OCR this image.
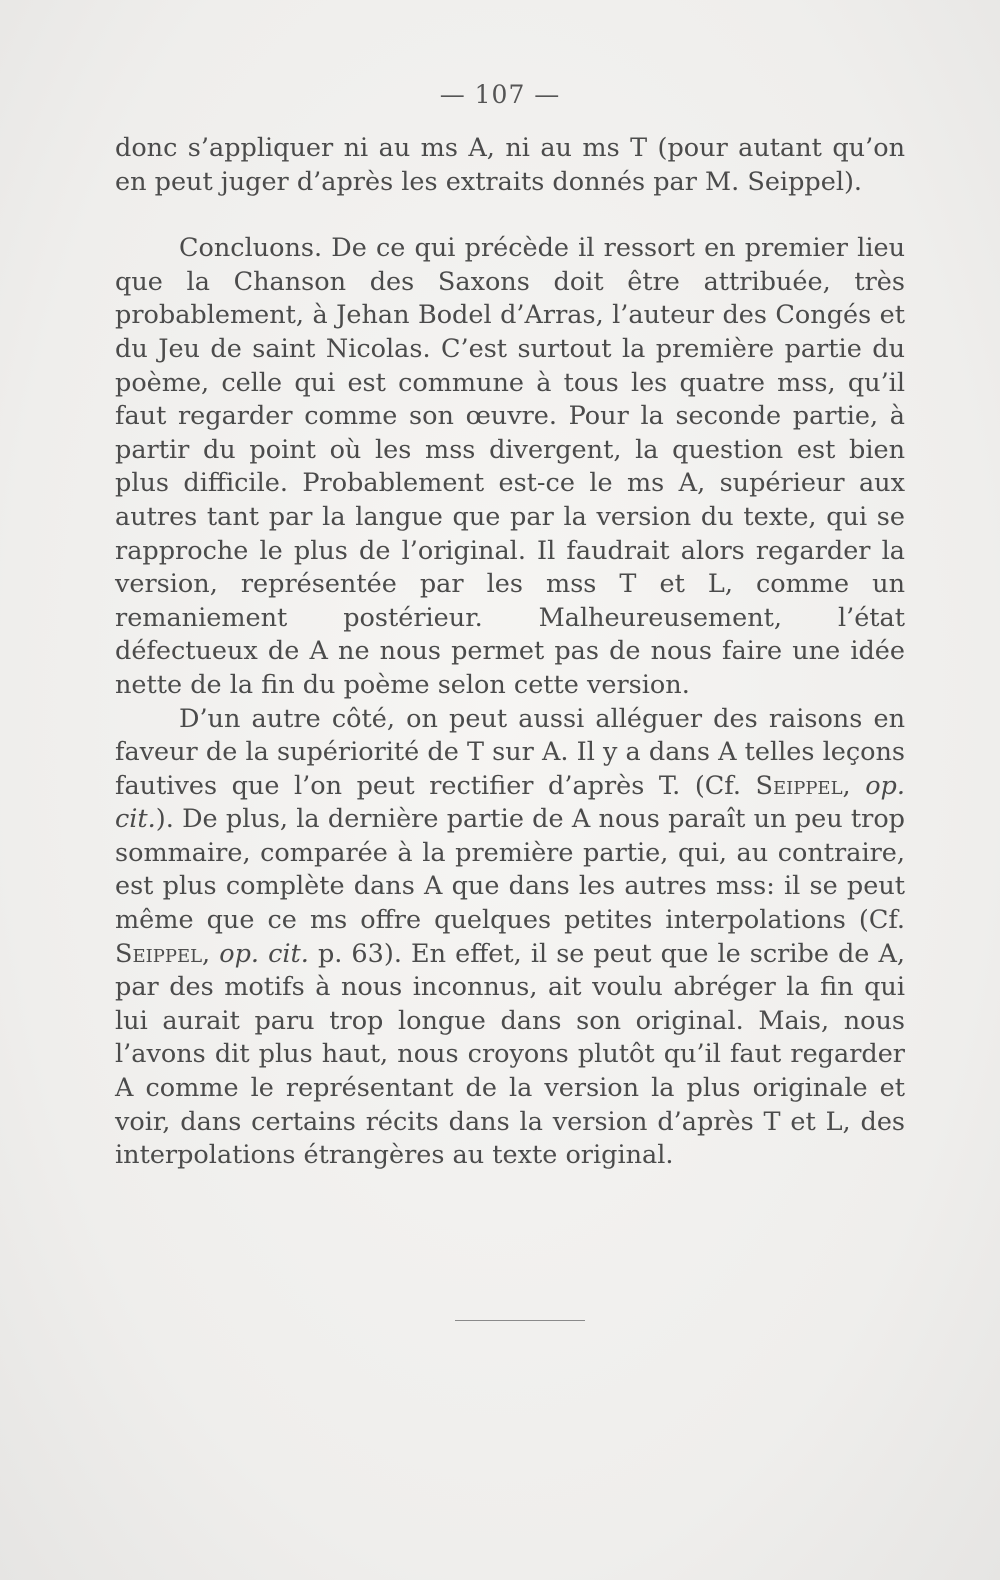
— 107 —

donc s’appliquer ni au ms A, ni au ms T (pour autant qu’on en peut juger d’après les extraits donnés par M. Seippel).

Concluons. De ce qui précède il ressort en premier lieu que la Chanson des Saxons doit être attribuée, très probablement, à Jehan Bodel d’Arras, l’auteur des Congés et du Jeu de saint Nicolas. C’est surtout la première partie du poème, celle qui est commune à tous les quatre mss, qu’il faut regarder comme son œuvre. Pour la seconde partie, à partir du point où les mss divergent, la question est bien plus difficile. Probablement est-ce le ms A, supérieur aux autres tant par la langue que par la version du texte, qui se rapproche le plus de l’original. Il faudrait alors regarder la version, représentée par les mss T et L, comme un remaniement postérieur. Malheureusement, l’état défectueux de A ne nous permet pas de nous faire une idée nette de la fin du poème selon cette version.

D’un autre côté, on peut aussi alléguer des raisons en faveur de la supériorité de T sur A. Il y a dans A telles leçons fautives que l’on peut rectifier d’après T. (Cf. Seippel, op. cit.). De plus, la dernière partie de A nous paraît un peu trop sommaire, comparée à la première partie, qui, au contraire, est plus complète dans A que dans les autres mss: il se peut même que ce ms offre quelques petites interpolations (Cf. Seippel, op. cit. p. 63). En effet, il se peut que le scribe de A, par des motifs à nous inconnus, ait voulu abréger la fin qui lui aurait paru trop longue dans son original. Mais, nous l’avons dit plus haut, nous croyons plutôt qu’il faut regarder A comme le représentant de la version la plus originale et voir, dans certains récits dans la version d’après T et L, des interpolations étrangères au texte original.
